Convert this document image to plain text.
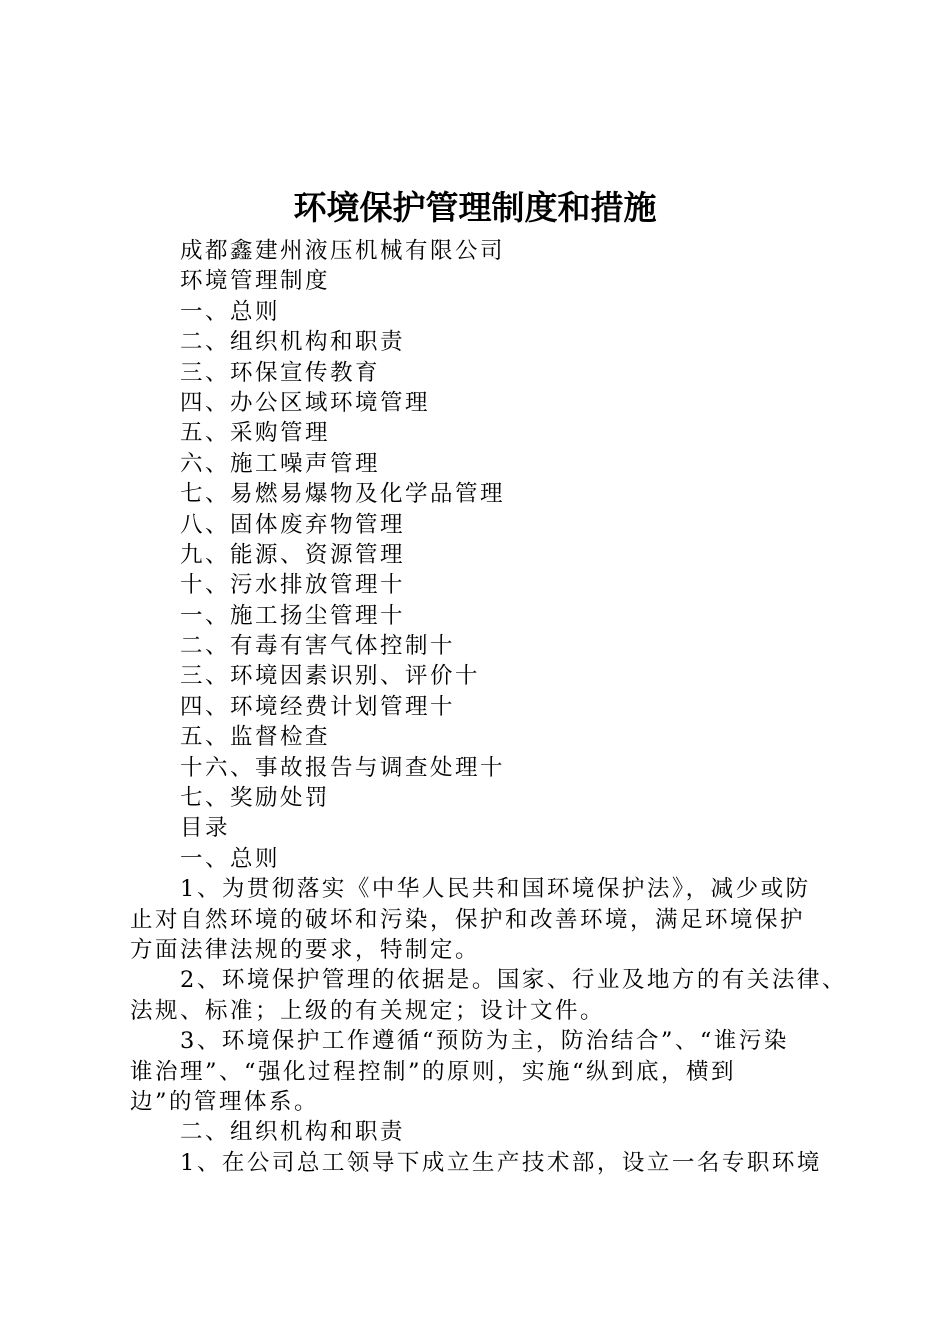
环境保护管理制度和措施
成都鑫建州液压机械有限公司
环境管理制度
一、总则
二、组织机构和职责
三、环保宣传教育
四、办公区域环境管理
五、采购管理
六、施工噪声管理
七、易燃易爆物及化学品管理
八、固体废弃物管理
九、能源、资源管理
十、污水排放管理十
一、施工扬尘管理十
二、有毒有害气体控制十
三、环境因素识别、评价十
四、环境经费计划管理十
五、监督检查
十六、事故报告与调查处理十
七、奖励处罚
目录
一、总则
1、为贯彻落实《中华人民共和国环境保护法》，减少或防
止对自然环境的破坏和污染，保护和改善环境，满足环境保护
方面法律法规的要求，特制定。
2、环境保护管理的依据是。国家、行业及地方的有关法律、
法规、标准；上级的有关规定；设计文件。
3、环境保护工作遵循“预防为主，防治结合”、“谁污染
谁治理”、“强化过程控制”的原则，实施“纵到底，横到
边”的管理体系。
二、组织机构和职责
1、在公司总工领导下成立生产技术部，设立一名专职环境
